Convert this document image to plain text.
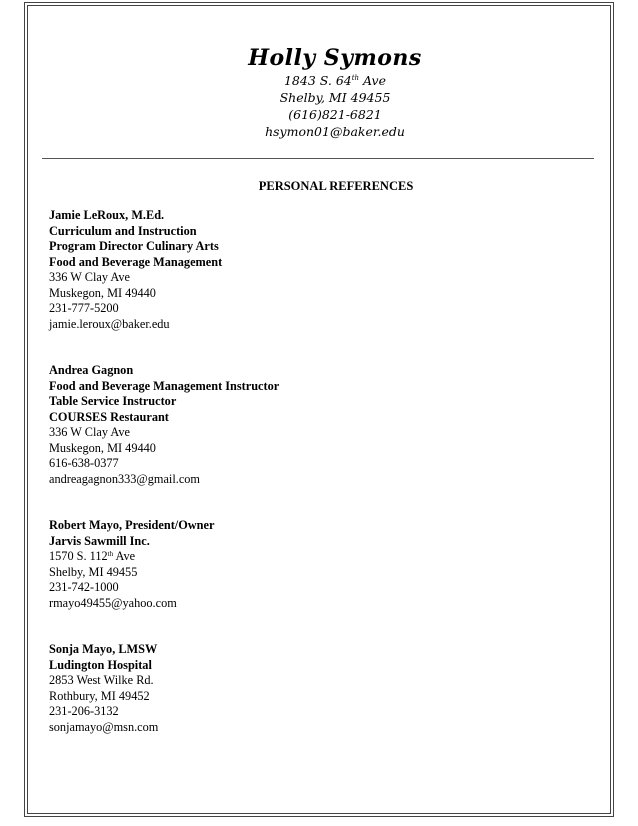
Holly Symons
1843 S. 64th Ave
Shelby, MI 49455
(616)821-6821
hsymon01@baker.edu
PERSONAL REFERENCES
Jamie LeRoux, M.Ed.
Curriculum and Instruction
Program Director Culinary Arts
Food and Beverage Management
336 W Clay Ave
Muskegon, MI 49440
231-777-5200
jamie.leroux@baker.edu
Andrea Gagnon
Food and Beverage Management Instructor
Table Service Instructor
COURSES Restaurant
336 W Clay Ave
Muskegon, MI 49440
616-638-0377
andreagagnon333@gmail.com
Robert Mayo, President/Owner
Jarvis Sawmill Inc.
1570 S. 112th Ave
Shelby, MI 49455
231-742-1000
rmayo49455@yahoo.com
Sonja Mayo, LMSW
Ludington Hospital
2853 West Wilke Rd.
Rothbury, MI 49452
231-206-3132
sonjamayo@msn.com
